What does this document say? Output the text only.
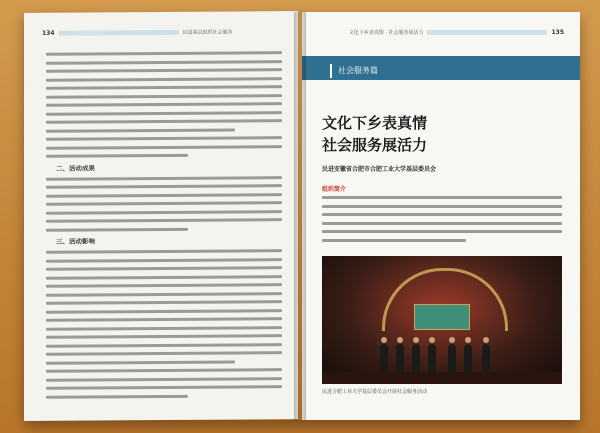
134	民进基层组织社会服务
二、活动成果
三、活动影响
文化下乡表真情 · 社会服务展活力	135
社会服务篇
文化下乡表真情
社会服务展活力
民进安徽省合肥市合肥工业大学基层委员会
组织简介
民进合肥工业大学基层委员会开展社会服务活动
